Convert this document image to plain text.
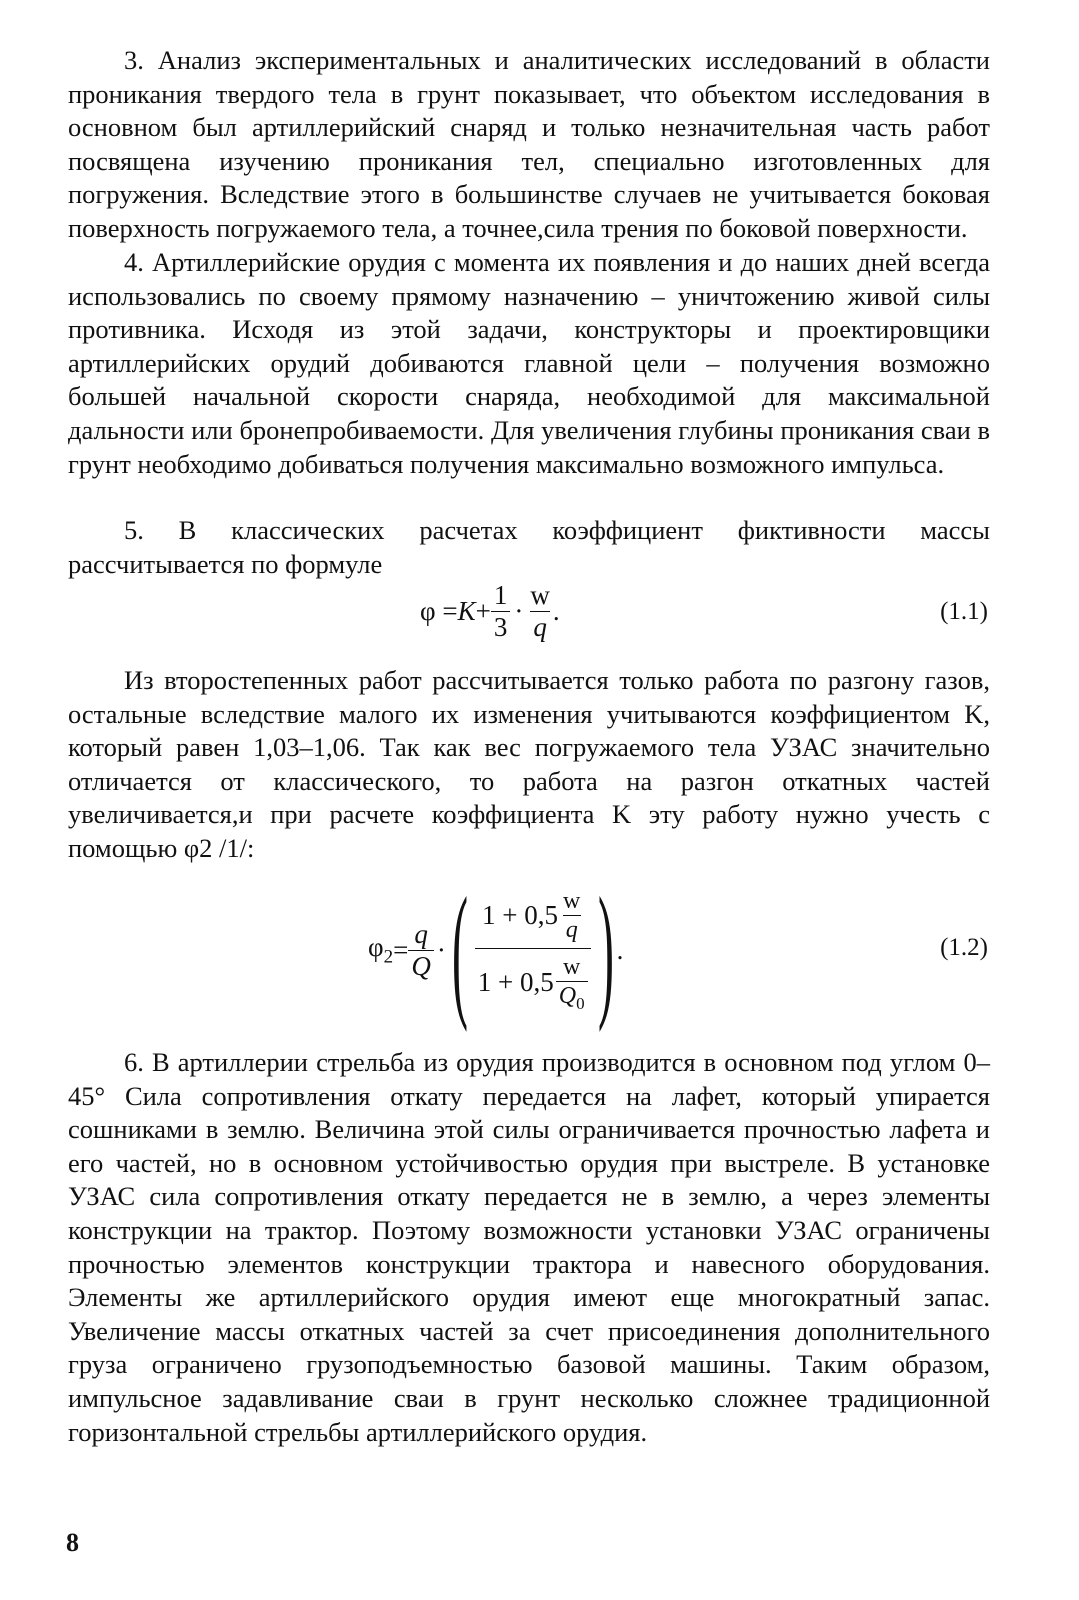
3. Анализ экспериментальных и аналитических исследований в области проникания твердого тела в грунт показывает, что объектом исследования в основном был артиллерийский снаряд и только незначительная часть работ посвящена изучению проникания тел, специально изготовленных для погружения. Вследствие этого в большинстве случаев не учитывается боковая поверхность погружаемого тела, а точнее,сила трения по боковой поверхности.

4. Артиллерийские орудия с момента их появления и до наших дней всегда использовались по своему прямому назначению – уничтожению живой силы противника. Исходя из этой задачи, конструкторы и проектировщики артиллерийских орудий добиваются главной цели – получения возможно большей начальной скорости снаряда, необходимой для максимальной дальности или бронепробиваемости. Для увеличения глубины проникания сваи в грунт необходимо добиваться получения максимально возможного импульса.

5. В классических расчетах коэффициент фиктивности массы рассчитывается по формуле

$\varphi = K + \frac{1}{3} \cdot \frac{w}{q}$ .	(1.1)

Из второстепенных работ рассчитывается только работа по разгону газов, остальные вследствие малого их изменения учитываются коэффициентом K, который равен 1,03–1,06. Так как вес погружаемого тела УЗАС значительно отличается от классического, то работа на разгон откатных частей увеличивается,и при расчете коэффициента K эту работу нужно учесть с помощью φ2 /1/:

$\varphi_2 = \frac{q}{Q}$ · ( $\frac{1 + 0,5 \frac{w}{q}}{1 + 0,5 \frac{w}{Q_0}}$ ) .	(1.2)

6. В артиллерии стрельба из орудия производится в основном под углом 0–45° Сила сопротивления откату передается на лафет, который упирается сошниками в землю. Величина этой силы ограничивается прочностью лафета и его частей, но в основном устойчивостью орудия при выстреле. В установке УЗАС сила сопротивления откату передается не в землю, а через элементы конструкции на трактор. Поэтому возможности установки УЗАС ограничены прочностью элементов конструкции трактора и навесного оборудования. Элементы же артиллерийского орудия имеют еще многократный запас. Увеличение массы откатных частей за счет присоединения дополнительного груза ограничено грузоподъемностью базовой машины. Таким образом, импульсное задавливание сваи в грунт несколько сложнее традиционной горизонтальной стрельбы артиллерийского орудия.

8
